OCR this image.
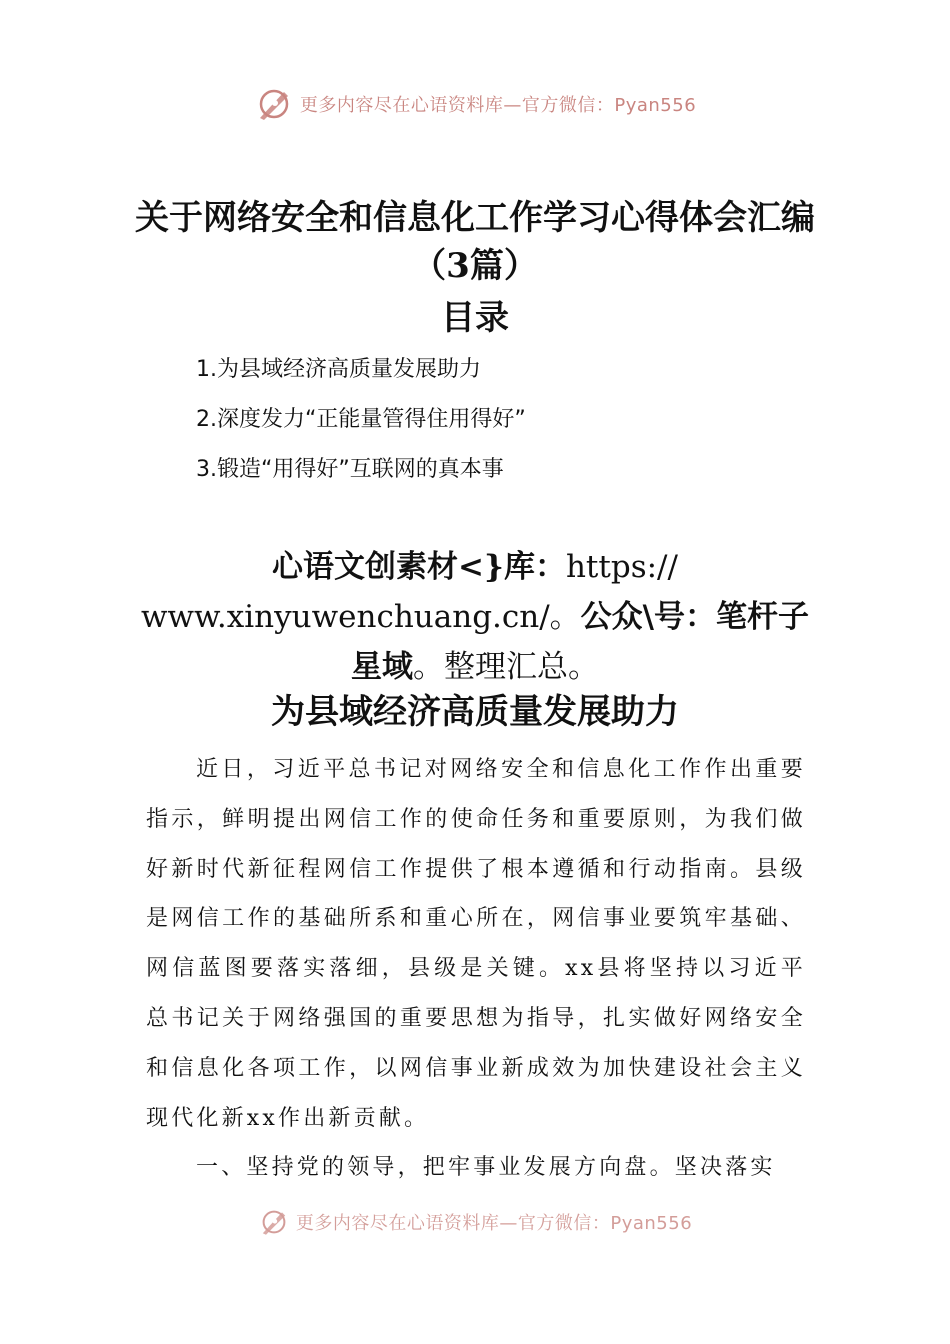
更多内容尽在心语资料库—官方微信：Pyan556
关于网络安全和信息化工作学习心得体会汇编（3篇）
目录
1.为县域经济高质量发展助力
2.深度发力“正能量管得住用得好”
3.锻造“用得好”互联网的真本事

心语文创素材<}库：https:// www.xinyuwenchuang.cn/。公众\号：笔杆子星域。整理汇总。

为县域经济高质量发展助力

近日，习近平总书记对网络安全和信息化工作作出重要指示，鲜明提出网信工作的使命任务和重要原则，为我们做好新时代新征程网信工作提供了根本遵循和行动指南。县级是网信工作的基础所系和重心所在，网信事业要筑牢基础、网信蓝图要落实落细，县级是关键。xx县将坚持以习近平总书记关于网络强国的重要思想为指导，扎实做好网络安全和信息化各项工作，以网信事业新成效为加快建设社会主义现代化新xx作出新贡献。

一、坚持党的领导，把牢事业发展方向盘。坚决落实

更多内容尽在心语资料库—官方微信：Pyan556
